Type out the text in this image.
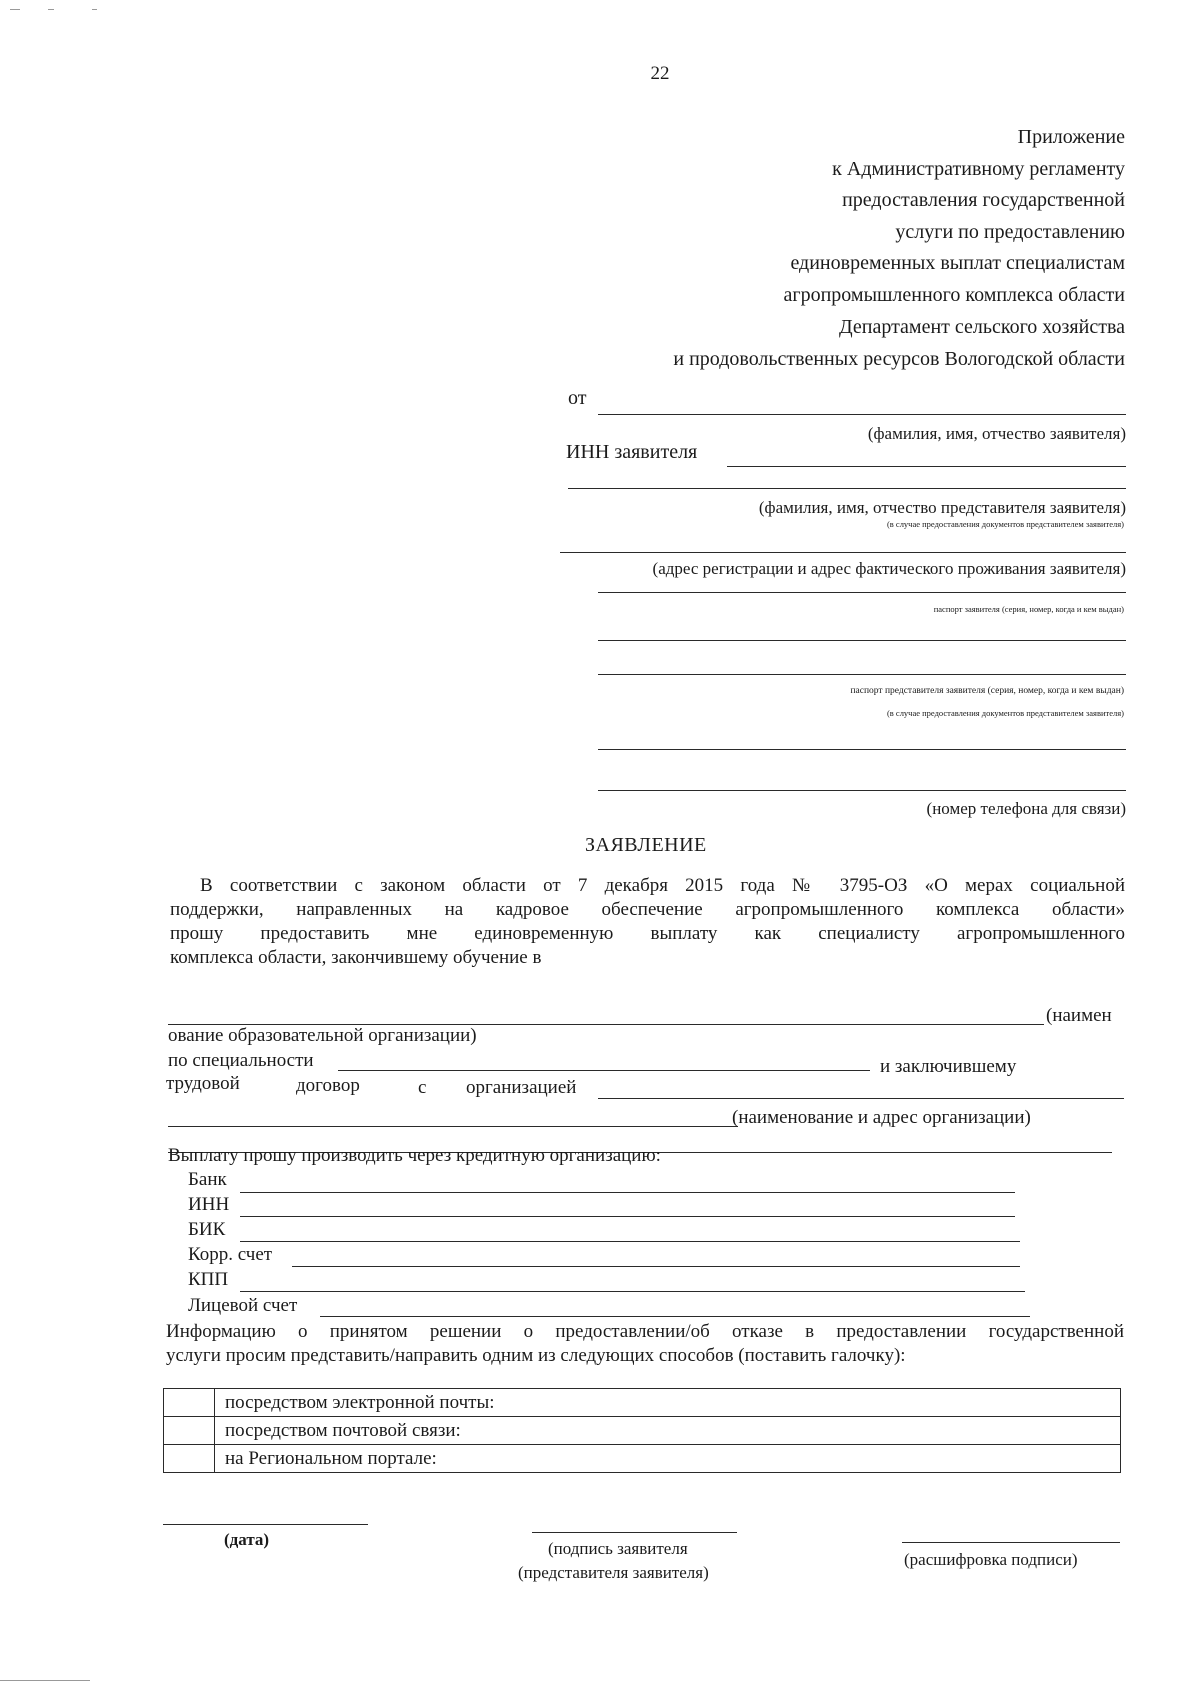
22
Приложение
к Административному регламенту
предоставления государственной
услуги по предоставлению
единовременных выплат специалистам
агропромышленного комплекса области
Департамент сельского хозяйства
и продовольственных ресурсов Вологодской области
от
(фамилия, имя, отчество заявителя)
ИНН заявителя
(фамилия, имя, отчество представителя заявителя)
(в случае предоставления документов представителем заявителя)
(адрес регистрации и адрес фактического проживания заявителя)
паспорт заявителя (серия, номер, когда и кем выдан)
паспорт представителя заявителя (серия, номер, когда и кем выдан)
(в случае предоставления документов представителем заявителя)
(номер телефона для связи)
ЗАЯВЛЕНИЕ
В соответствии с законом области от 7 декабря 2015 года № 3795-ОЗ «О мерах социальной
поддержки, направленных на кадровое обеспечение агропромышленного комплекса области»
прошу предоставить мне единовременную выплату как специалисту агропромышленного
комплекса области, закончившему обучение в
(наимен
ование образовательной организации)
по специальности	и заключившему
трудовой	договор	с организацией
(наименование и адрес организации)
Выплату прошу производить через кредитную организацию:
Банк
ИНН
БИК
Корр. счет
КПП
Лицевой счет
Информацию о принятом решении о предоставлении/об отказе в предоставлении государственной
услуги просим представить/направить одним из следующих способов (поставить галочку):
	посредством электронной почты:
	посредством почтовой связи:
	на Региональном портале:
(дата)	(подпись заявителя
(представителя заявителя)
(расшифровка подписи)
